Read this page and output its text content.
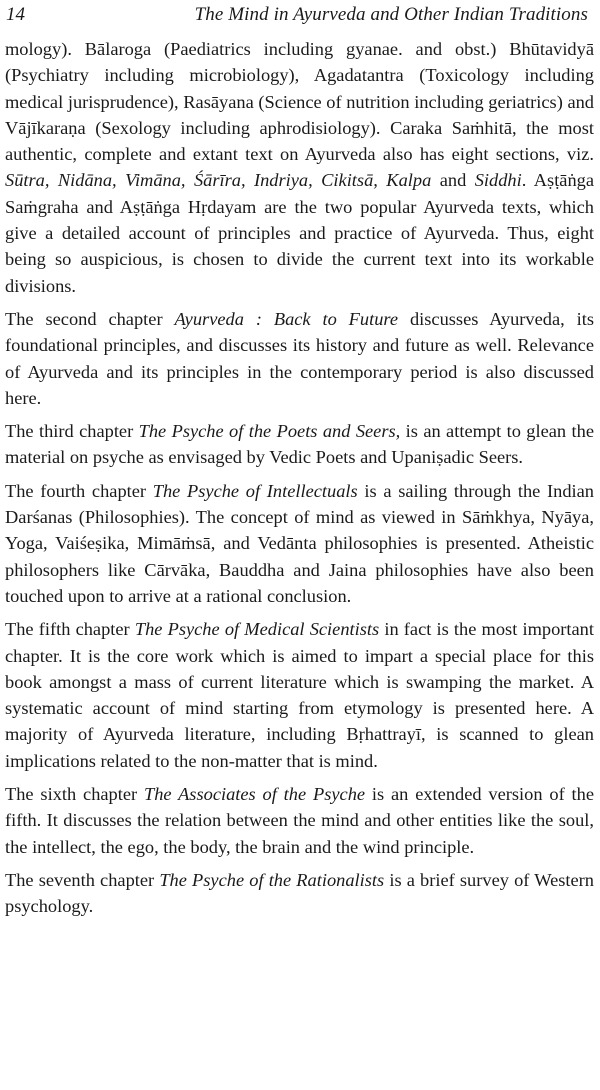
14	The Mind in Ayurveda and Other Indian Traditions

mology). Bālaroga (Paediatrics including gyanae. and obst.) Bhūtavidyā (Psychiatry including microbiology), Agadatantra (Toxicology including medical jurisprudence), Rasāyana (Science of nutrition including geriatrics) and Vājīkaraṇa (Sexology including aphrodisiology). Caraka Saṁhitā, the most authentic, complete and extant text on Ayurveda also has eight sections, viz. Sūtra, Nidāna, Vimāna, Śārīra, Indriya, Cikitsā, Kalpa and Siddhi. Aṣṭāṅga Saṁgraha and Aṣṭāṅga Hṛdayam are the two popular Ayurveda texts, which give a detailed account of principles and practice of Ayurveda. Thus, eight being so auspicious, is chosen to divide the current text into its workable divisions.

The second chapter Ayurveda : Back to Future discusses Ayurveda, its foundational principles, and discusses its history and future as well. Relevance of Ayurveda and its principles in the contemporary period is also discussed here.

The third chapter The Psyche of the Poets and Seers, is an attempt to glean the material on psyche as envisaged by Vedic Poets and Upaniṣadic Seers.

The fourth chapter The Psyche of Intellectuals is a sailing through the Indian Darśanas (Philosophies). The concept of mind as viewed in Sāṁkhya, Nyāya, Yoga, Vaiśeṣika, Mimāṁsā, and Vedānta philosophies is presented. Atheistic philosophers like Cārvāka, Bauddha and Jaina philosophies have also been touched upon to arrive at a rational conclusion.

The fifth chapter The Psyche of Medical Scientists in fact is the most important chapter. It is the core work which is aimed to impart a special place for this book amongst a mass of current literature which is swamping the market. A systematic account of mind starting from etymology is presented here. A majority of Ayurveda literature, including Bṛhattrayī, is scanned to glean implications related to the non-matter that is mind.

The sixth chapter The Associates of the Psyche is an extended version of the fifth. It discusses the relation between the mind and other entities like the soul, the intellect, the ego, the body, the brain and the wind principle.

The seventh chapter The Psyche of the Rationalists is a brief survey of Western psychology.
